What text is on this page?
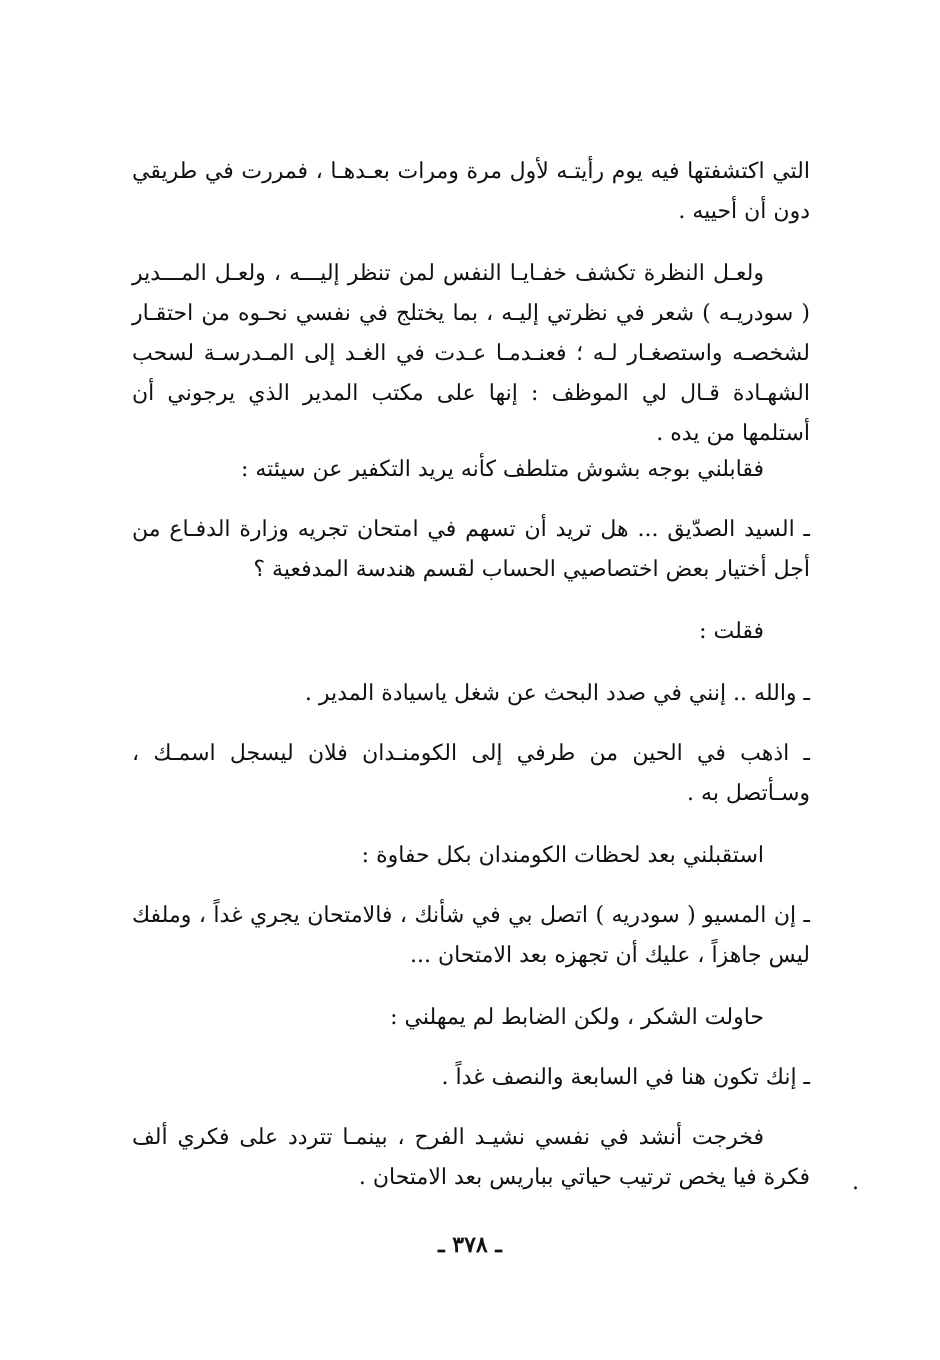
التي اكتشفتها فيه يوم رأيتـه لأول مرة ومرات بعـدهـا ، فمررت في طريقي دون أن أحييه .

ولعـل النظرة تكشف خفـايـا النفس لمن تنظر إليـــه ، ولعـل المـــدير ( سودريـه ) شعر في نظرتي إليـه ، بما يختلج في نفسي نحـوه من احتقـار لشخصـه واستصغـار لـه ؛ فعنـدمـا عـدت في الغـد إلى المـدرسـة لسحب الشهـادة قـال لي الموظف : إنها على مكتب المدير الذي يرجوني أن أستلمها من يده .

فقابلني بوجه بشوش متلطف كأنه يريد التكفير عن سيئته :

ـ السيد الصدّيق ... هل تريد أن تسهم في امتحان تجريه وزارة الدفـاع من أجل أختيار بعض اختصاصيي الحساب لقسم هندسة المدفعية ؟

فقلت :

ـ والله .. إنني في صدد البحث عن شغل ياسيادة المدير .

ـ اذهب في الحين من طرفي إلى الكومنـدان فلان ليسجل اسمـك ، وسـأتصل به .

استقبلني بعد لحظات الكومندان بكل حفاوة :

ـ إن المسيو ( سودريه ) اتصل بي في شأنك ، فالامتحان يجري غداً ، وملفك ليس جاهزاً ، عليك أن تجهزه بعد الامتحان ...

حاولت الشكر ، ولكن الضابط لم يمهلني :

ـ إنك تكون هنا في السابعة والنصف غداً .

فخرجت أنشد في نفسي نشيـد الفرح ، بينمـا تتردد على فكري ألف فكرة فيا يخص ترتيب حياتي بباريس بعد الامتحان . .
ـ ٣٧٨ ـ
